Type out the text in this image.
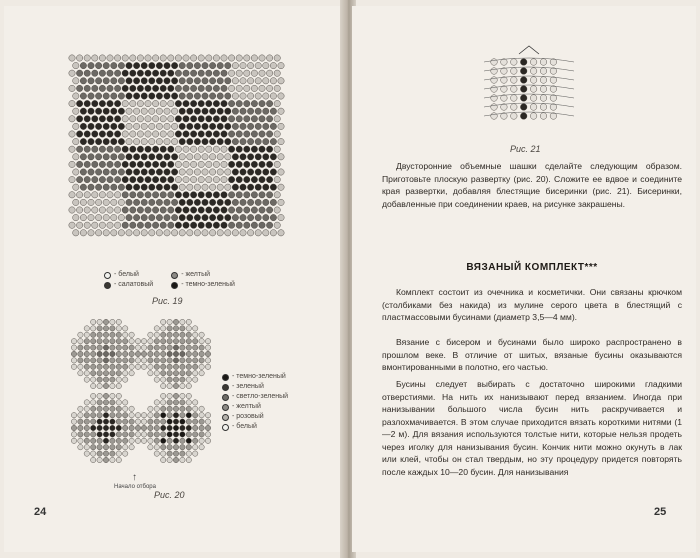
- белый	- желтый
- салатовый	- темно-зеленый
Рис. 19
- темно-зеленый
- зеленый
- светло-зеленый
- желтый
- розовый
- белый
↑
Начало отбора
Рис. 20
24
Рис. 21
Двусторонние объемные шашки сделайте следующим образом. Приготовьте плоскую развертку (рис. 20). Сложите ее вдвое и соедините края развертки, добавляя блестящие бисеринки (рис. 21). Бисеринки, добавленные при соединении краев, на рисунке закрашены.
ВЯЗАНЫЙ КОМПЛЕКТ***
Комплект состоит из очечника и косметички. Они связаны крючком (столбиками без накида) из мулине серого цвета в блестящий с пластмассовыми бусинами (диаметр 3,5—4 мм).
Вязание с бисером и бусинами было широко распространено в прошлом веке. В отличие от шитых, вязаные бусины оказываются вмонтированными в полотно, его частью.
Бусины следует выбирать с достаточно широкими гладкими отверстиями. На нить их нанизывают перед вязанием. Иногда при нанизывании большого числа бусин нить раскручивается и разлохмачивается. В этом случае приходится вязать короткими нитями (1—2 м). Для вязания используются толстые нити, которые нельзя продеть через иголку для нанизывания бусин. Кончик нити можно окунуть в лак или клей, чтобы он стал твердым, но эту процедуру придется повторять после каждых 10—20 бусин. Для нанизывания
25
